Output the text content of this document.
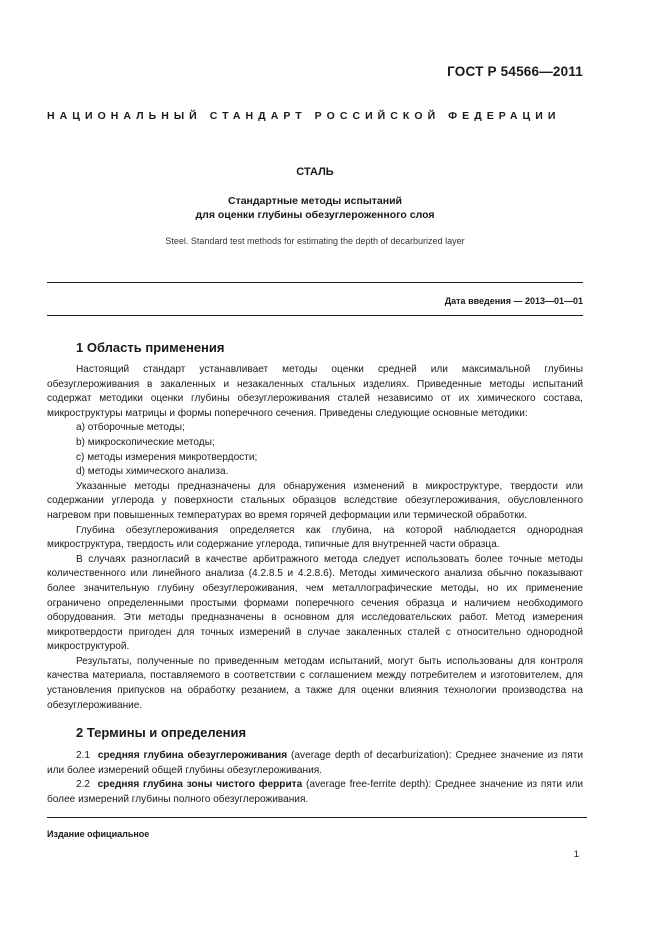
ГОСТ Р 54566—2011
НАЦИОНАЛЬНЫЙ СТАНДАРТ РОССИЙСКОЙ ФЕДЕРАЦИИ
СТАЛЬ
Стандартные методы испытаний
для оценки глубины обезуглероженного слоя
Steel. Standard test methods for estimating the depth of decarburized layer
Дата введения — 2013—01—01
1 Область применения

Настоящий стандарт устанавливает методы оценки средней или максимальной глубины обезуглероживания в закаленных и незакаленных стальных изделиях. Приведенные методы испытаний содержат методики оценки глубины обезуглероживания сталей независимо от их химического состава, микроструктуры матрицы и формы поперечного сечения. Приведены следующие основные методики:

a) отборочные методы;

b) микроскопические методы;

c) методы измерения микротвердости;

d) методы химического анализа.

Указанные методы предназначены для обнаружения изменений в микроструктуре, твердости или содержании углерода у поверхности стальных образцов вследствие обезуглероживания, обусловленного нагревом при повышенных температурах во время горячей деформации или термической обработки.

Глубина обезуглероживания определяется как глубина, на которой наблюдается однородная микроструктура, твердость или содержание углерода, типичные для внутренней части образца.

В случаях разногласий в качестве арбитражного метода следует использовать более точные методы количественного или линейного анализа (4.2.8.5 и 4.2.8.6). Методы химического анализа обычно показывают более значительную глубину обезуглероживания, чем металлографические методы, но их применение ограничено определенными простыми формами поперечного сечения образца и наличием необходимого оборудования. Эти методы предназначены в основном для исследовательских работ. Метод измерения микротвердости пригоден для точных измерений в случае закаленных сталей с относительно однородной микроструктурой.

Результаты, полученные по приведенным методам испытаний, могут быть использованы для контроля качества материала, поставляемого в соответствии с соглашением между потребителем и изготовителем, для установления припусков на обработку резанием, а также для оценки влияния технологии производства на обезуглероживание.

2 Термины и определения

2.1 средняя глубина обезуглероживания (average depth of decarburization): Среднее значение из пяти или более измерений общей глубины обезуглероживания.

2.2 средняя глубина зоны чистого феррита (average free-ferrite depth): Среднее значение из пяти или более измерений глубины полного обезуглероживания.

Издание официальное
1
